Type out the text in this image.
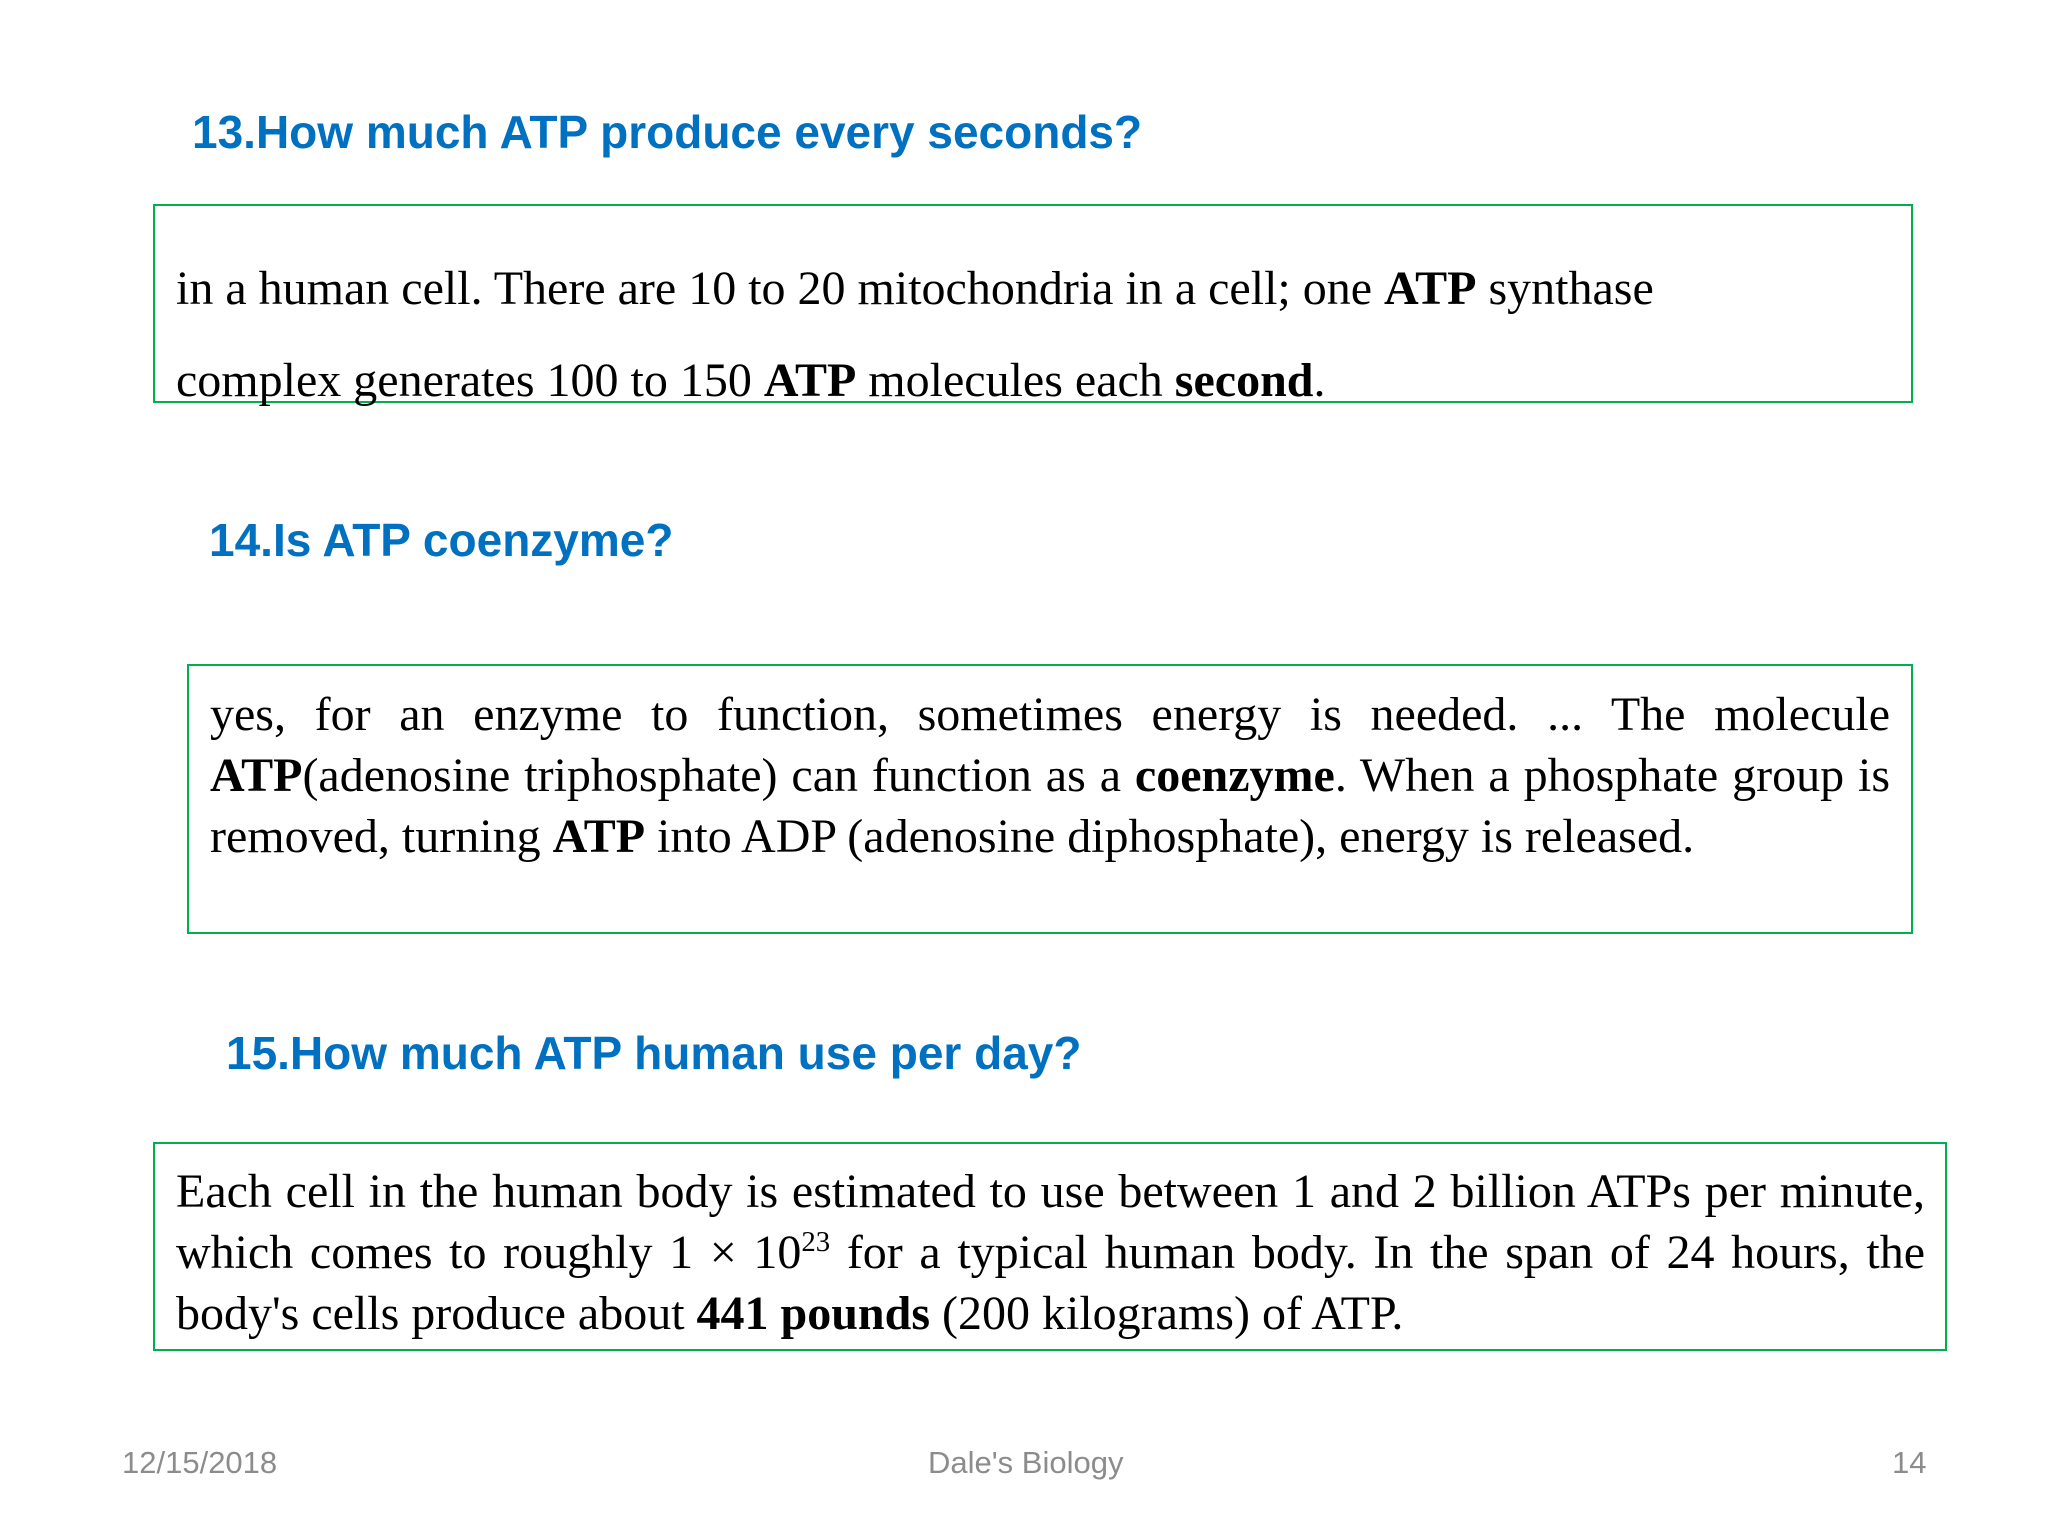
13.How much ATP produce every seconds?

in a human cell. There are 10 to 20 mitochondria in a cell; one ATP synthase

complex generates 100 to 150 ATP molecules each second.

14.Is ATP coenzyme?

yes, for an enzyme to function, sometimes energy is needed. ... The molecule ATP(adenosine triphosphate) can function as a coenzyme. When a phosphate group is removed, turning ATP into ADP (adenosine diphosphate), energy is released.

15.How much ATP human use per day?

Each cell in the human body is estimated to use between 1 and 2 billion ATPs per minute, which comes to roughly $1 \times 10^{23}$ for a typical human body. In the span of 24 hours, the body's cells produce about 441 pounds (200 kilograms) of ATP.

12/15/2018	Dale's Biology	14
